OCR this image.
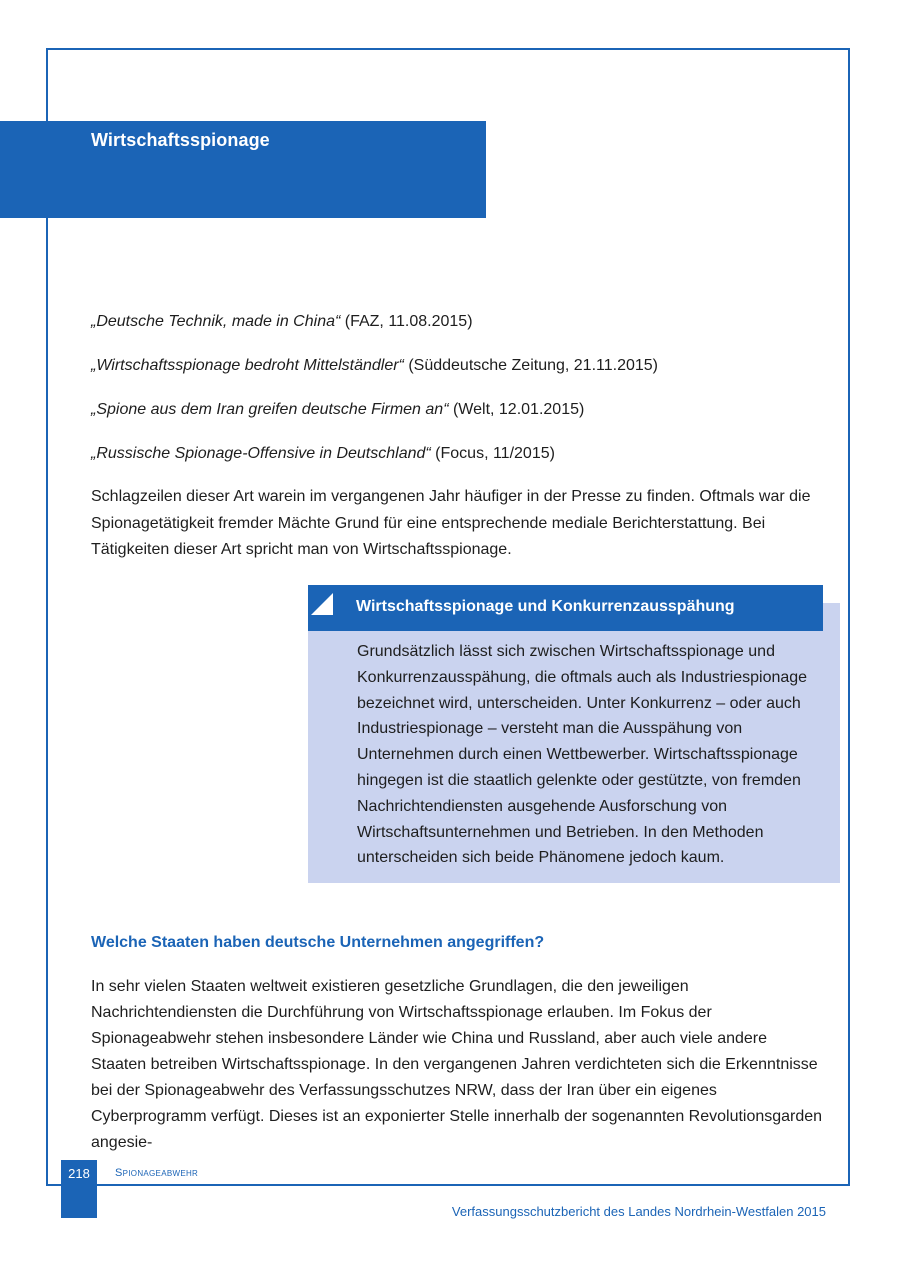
Wirtschaftsspionage

„Deutsche Technik, made in China“ (FAZ, 11.08.2015)

„Wirtschaftsspionage bedroht Mittelständler“ (Süddeutsche Zeitung, 21.11.2015)

„Spione aus dem Iran greifen deutsche Firmen an“ (Welt, 12.01.2015)

„Russische Spionage-Offensive in Deutschland“ (Focus, 11/2015)

Schlagzeilen dieser Art warein im vergangenen Jahr häufiger in der Presse zu finden. Oftmals war die Spionagetätigkeit fremder Mächte Grund für eine entsprechende mediale Berichterstattung. Bei Tätigkeiten dieser Art spricht man von Wirtschaftsspionage.

Wirtschaftsspionage und Konkurrenzausspähung

Grundsätzlich lässt sich zwischen Wirtschaftsspionage und Konkurrenzausspähung, die oftmals auch als Industriespionage bezeichnet wird, unterscheiden. Unter Konkurrenz – oder auch Industriespionage – versteht man die Ausspähung von Unternehmen durch einen Wettbewerber. Wirtschaftsspionage hingegen ist die staatlich gelenkte oder gestützte, von fremden Nachrichtendiensten ausgehende Ausforschung von Wirtschaftsunternehmen und Betrieben. In den Methoden unterscheiden sich beide Phänomene jedoch kaum.

Welche Staaten haben deutsche Unternehmen angegriffen?

In sehr vielen Staaten weltweit existieren gesetzliche Grundlagen, die den jeweiligen Nachrichtendiensten die Durchführung von Wirtschaftsspionage erlauben. Im Fokus der Spionageabwehr stehen insbesondere Länder wie China und Russland, aber auch viele andere Staaten betreiben Wirtschaftsspionage. In den vergangenen Jahren verdichteten sich die Erkenntnisse bei der Spionageabwehr des Verfassungsschutzes NRW, dass der Iran über ein eigenes Cyberprogramm verfügt. Dieses ist an exponierter Stelle innerhalb der sogenannten Revolutionsgarden angesie-

218	Spionageabwehr

Verfassungsschutzbericht des Landes Nordrhein-Westfalen 2015
